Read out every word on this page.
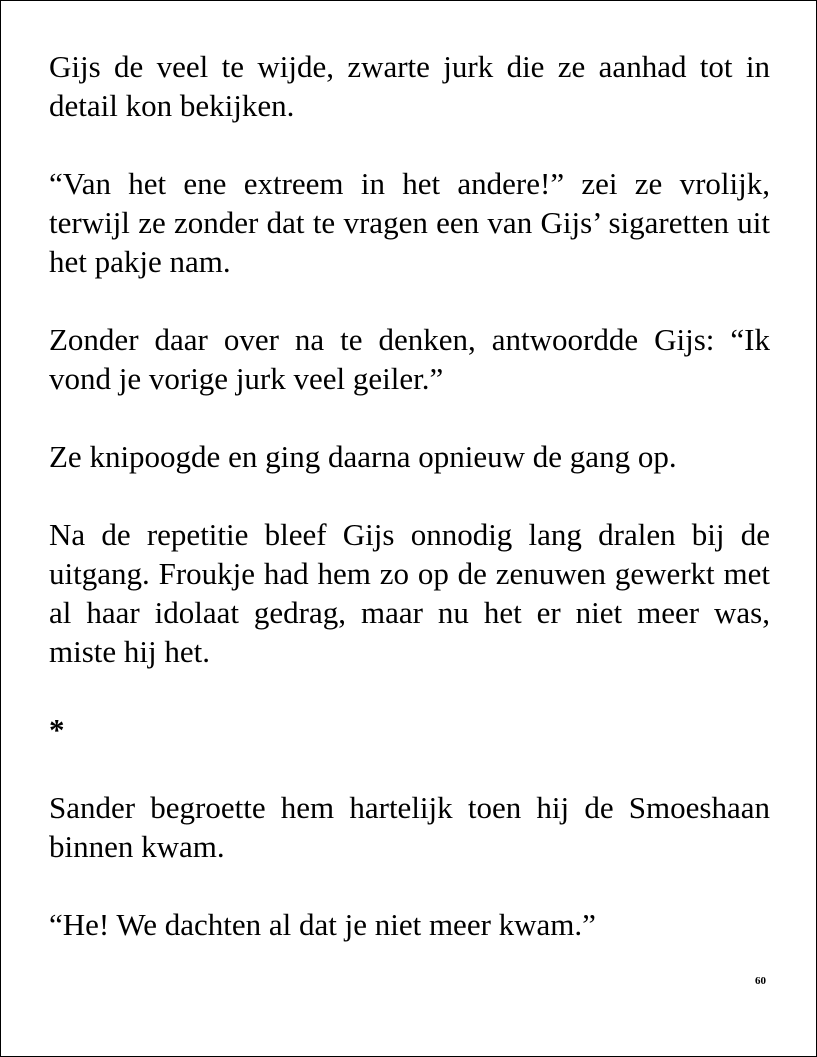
Gijs de veel te wijde, zwarte jurk die ze aanhad tot in detail kon bekijken.

“Van het ene extreem in het andere!” zei ze vrolijk, terwijl ze zonder dat te vragen een van Gijs’ sigaretten uit het pakje nam.

Zonder daar over na te denken, antwoordde Gijs: “Ik vond je vorige jurk veel geiler.”

Ze knipoogde en ging daarna opnieuw de gang op.

Na de repetitie bleef Gijs onnodig lang dralen bij de uitgang. Froukje had hem zo op de zenuwen gewerkt met al haar idolaat gedrag, maar nu het er niet meer was, miste hij het.

*

Sander begroette hem hartelijk toen hij de Smoeshaan binnen kwam.

“He! We dachten al dat je niet meer kwam.”

60
